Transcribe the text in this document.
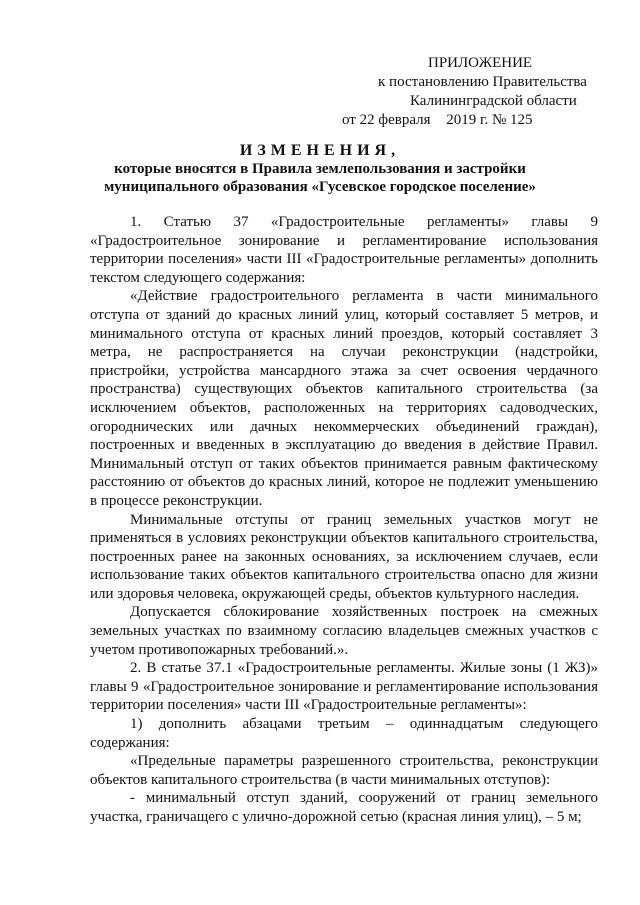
ПРИЛОЖЕНИЕ
к постановлению Правительства
Калининградской области
от 22 февраля 2019 г. № 125
ИЗМЕНЕНИЯ,
которые вносятся в Правила землепользования и застройки
муниципального образования «Гусевское городское поселение»

1. Статью 37 «Градостроительные регламенты» главы 9 «Градостроительное зонирование и регламентирование использования территории поселения» части III «Градостроительные регламенты» дополнить текстом следующего содержания:

«Действие градостроительного регламента в части минимального отступа от зданий до красных линий улиц, который составляет 5 метров, и минимального отступа от красных линий проездов, который составляет 3 метра, не распространяется на случаи реконструкции (надстройки, пристройки, устройства мансардного этажа за счет освоения чердачного пространства) существующих объектов капитального строительства (за исключением объектов, расположенных на территориях садоводческих, огороднических или дачных некоммерческих объединений граждан), построенных и введенных в эксплуатацию до введения в действие Правил. Минимальный отступ от таких объектов принимается равным фактическому расстоянию от объектов до красных линий, которое не подлежит уменьшению в процессе реконструкции.

Минимальные отступы от границ земельных участков могут не применяться в условиях реконструкции объектов капитального строительства, построенных ранее на законных основаниях, за исключением случаев, если использование таких объектов капитального строительства опасно для жизни или здоровья человека, окружающей среды, объектов культурного наследия.

Допускается сблокирование хозяйственных построек на смежных земельных участках по взаимному согласию владельцев смежных участков с учетом противопожарных требований.».

2. В статье 37.1 «Градостроительные регламенты. Жилые зоны (1 ЖЗ)» главы 9 «Градостроительное зонирование и регламентирование использования территории поселения» части III «Градостроительные регламенты»:

1) дополнить абзацами третьим – одиннадцатым следующего содержания:

«Предельные параметры разрешенного строительства, реконструкции объектов капитального строительства (в части минимальных отступов):

- минимальный отступ зданий, сооружений от границ земельного участка, граничащего с улично-дорожной сетью (красная линия улиц), – 5 м;
